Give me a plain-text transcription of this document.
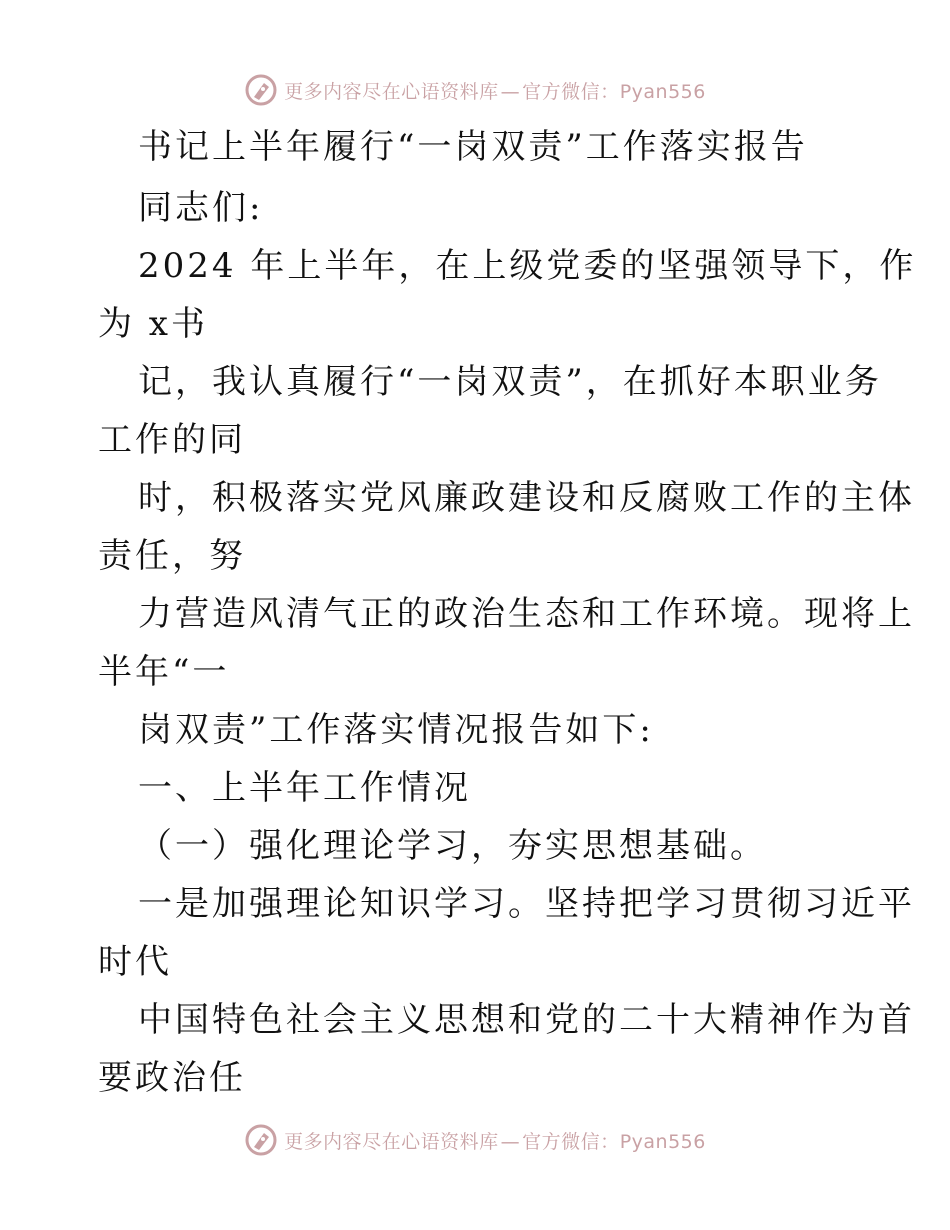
更多内容尽在心语资料库 — 官方微信：Pyan556
书记上半年履行“一岗双责”工作落实报告
同志们:
2024 年上半年，在上级党委的坚强领导下，作
为 x书
记，我认真履行“一岗双责”，在抓好本职业务
工作的同
时，积极落实党风廉政建设和反腐败工作的主体
责任，努
力营造风清气正的政治生态和工作环境。现将上
半年“一
岗双责”工作落实情况报告如下:
一、上半年工作情况
（一）强化理论学习，夯实思想基础。
一是加强理论知识学习。坚持把学习贯彻习近平
时代
中国特色社会主义思想和党的二十大精神作为首
要政治任
更多内容尽在心语资料库 — 官方微信：Pyan556
